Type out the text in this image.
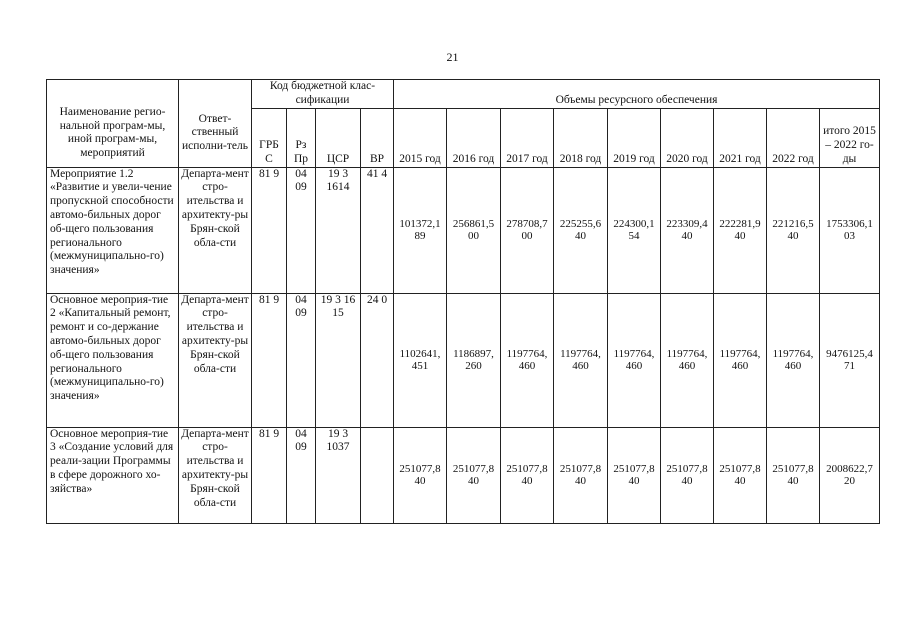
21
Наименование регио-нальной програм-мы, иной програм-мы, мероприятий	Ответ-ственный исполни-тель	Код бюджетной клас-сификации				Объемы ресурсного обеспечения								
		ГРБ С	Рз Пр	ЦСР	ВР	2015 год	2016 год	2017 год	2018 год	2019 год	2020 год	2021 год	2022 год	итого 2015 – 2022 го-ды
Мероприятие 1.2 «Развитие и увели-чение пропускной способности автомо-бильных дорог об-щего пользования регионального (межмуниципально-го) значения»	Департа-мент стро-ительства и архитекту-ры Брян-ской обла-сти	81 9	04 09	19 3 1614	41 4	101372,1 89	256861,5 00	278708,7 00	225255,6 40	224300,1 54	223309,4 40	222281,9 40	221216,5 40	1753306,1 03
Основное мероприя-тие 2 «Капитальный ремонт, ремонт и со-держание автомо-бильных дорог об-щего пользования регионального (межмуниципально-го) значения»	Департа-мент стро-ительства и архитекту-ры Брян-ской обла-сти	81 9	04 09	19 3 16 15	24 0	1102641, 451	1186897, 260	1197764, 460	1197764, 460	1197764, 460	1197764, 460	1197764, 460	1197764, 460	9476125,4 71
Основное мероприя-тие 3 «Создание условий для реали-зации Программы в сфере дорожного хо-зяйства»	Департа-мент стро-ительства и архитекту-ры Брян-ской обла-сти	81 9	04 09	19 3 1037		251077,8 40	251077,8 40	251077,8 40	251077,8 40	251077,8 40	251077,8 40	251077,8 40	251077,8 40	2008622,7 20
